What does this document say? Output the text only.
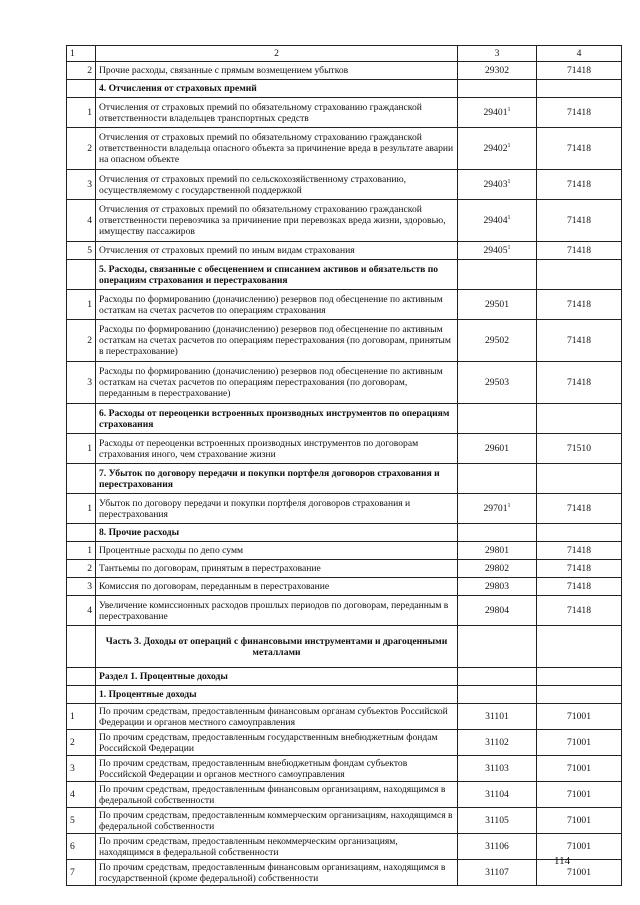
1	2	3	4
2	Прочие расходы, связанные с прямым возмещением убытков	29302	71418
	4. Отчисления от страховых премий		
1	Отчисления от страховых премий по обязательному страхованию гражданской ответственности владельцев транспортных средств	29401$^1$	71418
2	Отчисления от страховых премий по обязательному страхованию гражданской ответственности владельца опасного объекта за причинение вреда в результате аварии на опасном объекте	29402$^1$	71418
3	Отчисления от страховых премий по сельскохозяйственному страхованию, осуществляемому с государственной поддержкой	29403$^1$	71418
4	Отчисления от страховых премий по обязательному страхованию гражданской ответственности перевозчика за причинение при перевозках вреда жизни, здоровью, имуществу пассажиров	29404$^1$	71418
5	Отчисления от страховых премий по иным видам страхования	29405$^1$	71418
	5. Расходы, связанные с обесценением и списанием активов и обязательств по операциям страхования и перестрахования		
1	Расходы по формированию (доначислению) резервов под обесценение по активным остаткам на счетах расчетов по операциям страхования	29501	71418
2	Расходы по формированию (доначислению) резервов под обесценение по активным остаткам на счетах расчетов по операциям перестрахования (по договорам, принятым в перестрахование)	29502	71418
3	Расходы по формированию (доначислению) резервов под обесценение по активным остаткам на счетах расчетов по операциям перестрахования (по договорам, переданным в перестрахование)	29503	71418
	6. Расходы от переоценки встроенных производных инструментов по операциям страхования		
1	Расходы от переоценки встроенных производных инструментов по договорам страхования иного, чем страхование жизни	29601	71510
	7. Убыток по договору передачи и покупки портфеля договоров страхования и перестрахования		
1	Убыток по договору передачи и покупки портфеля договоров страхования и перестрахования	29701$^1$	71418
	8. Прочие расходы		
1	Процентные расходы по депо сумм	29801	71418
2	Тантьемы по договорам, принятым в перестрахование	29802	71418
3	Комиссия по договорам, переданным в перестрахование	29803	71418
4	Увеличение комиссионных расходов прошлых периодов по договорам, переданным в перестрахование	29804	71418
	Часть 3. Доходы от операций с финансовыми инструментами и драгоценными металлами		
	Раздел 1. Процентные доходы		
	1. Процентные доходы		
1	По прочим средствам, предоставленным финансовым органам субъектов Российской Федерации и органов местного самоуправления	31101	71001
2	По прочим средствам, предоставленным государственным внебюджетным фондам Российской Федерации	31102	71001
3	По прочим средствам, предоставленным внебюджетным фондам субъектов Российской Федерации и органов местного самоуправления	31103	71001
4	По прочим средствам, предоставленным финансовым организациям, находящимся в федеральной собственности	31104	71001
5	По прочим средствам, предоставленным коммерческим организациям, находящимся в федеральной собственности	31105	71001
6	По прочим средствам, предоставленным некоммерческим организациям, находящимся в федеральной собственности	31106	71001
7	По прочим средствам, предоставленным финансовым организациям, находящимся в государственной (кроме федеральной) собственности	31107	71001
114
